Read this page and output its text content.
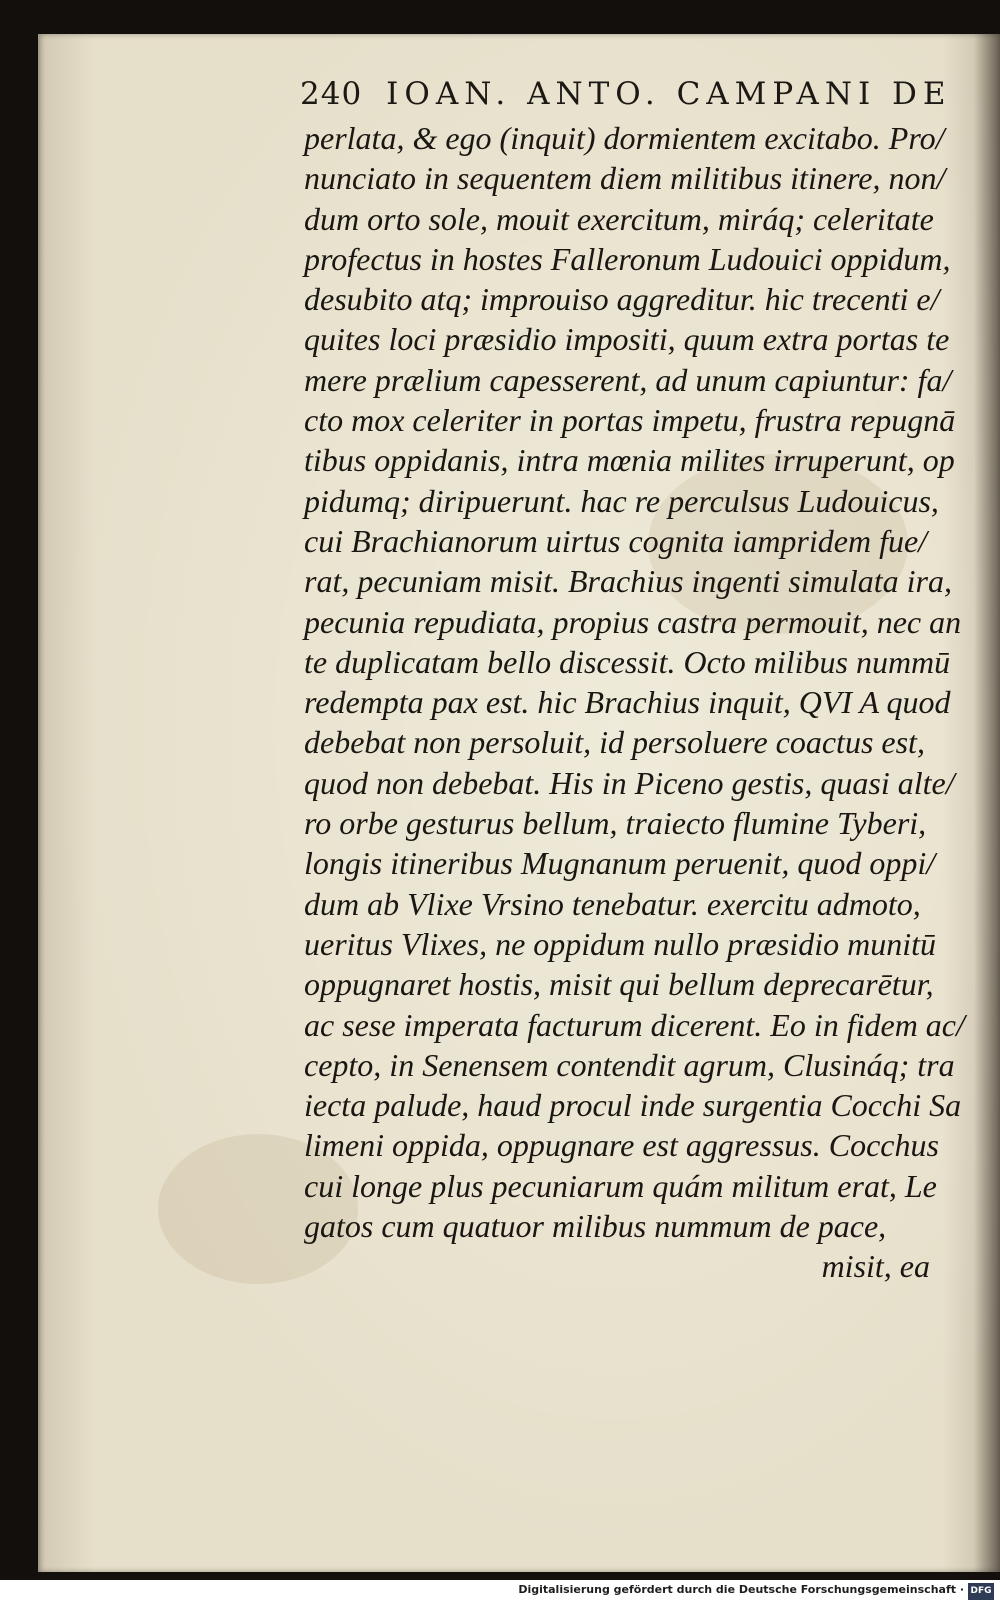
240 IOAN. ANTO. CAMPANI DE
perlata, & ego (inquit) dormientem excitabo. Pro/
nunciato in sequentem diem militibus itinere, non/
dum orto sole, mouit exercitum, miráq; celeritate
profectus in hostes Falleronum Ludouici oppidum,
desubito atq; improuiso aggreditur. hic trecenti e/
quites loci præsidio impositi, quum extra portas te
mere prælium capesserent, ad unum capiuntur: fa/
cto mox celeriter in portas impetu, frustra repugnā
tibus oppidanis, intra mœnia milites irruperunt, op
pidumq; diripuerunt. hac re perculsus Ludouicus,
cui Brachianorum uirtus cognita iampridem fue/
rat, pecuniam misit. Brachius ingenti simulata ira,
pecunia repudiata, propius castra permouit, nec an
te duplicatam bello discessit. Octo milibus nummū
redempta pax est. hic Brachius inquit, QVI A quod
debebat non persoluit, id persoluere coactus est,
quod non debebat. His in Piceno gestis, quasi alte/
ro orbe gesturus bellum, traiecto flumine Tyberi,
longis itineribus Mugnanum peruenit, quod oppi/
dum ab Vlixe Vrsino tenebatur. exercitu admoto,
ueritus Vlixes, ne oppidum nullo præsidio munitū
oppugnaret hostis, misit qui bellum deprecarētur,
ac sese imperata facturum dicerent. Eo in fidem ac/
cepto, in Senensem contendit agrum, Clusináq; tra
iecta palude, haud procul inde surgentia Cocchi Sa
limeni oppida, oppugnare est aggressus. Cocchus
cui longe plus pecuniarum quám militum erat, Le
gatos cum quatuor milibus nummum de pace,
misit, ea
Digitalisierung gefördert durch die Deutsche Forschungsgemeinschaft · DFG
